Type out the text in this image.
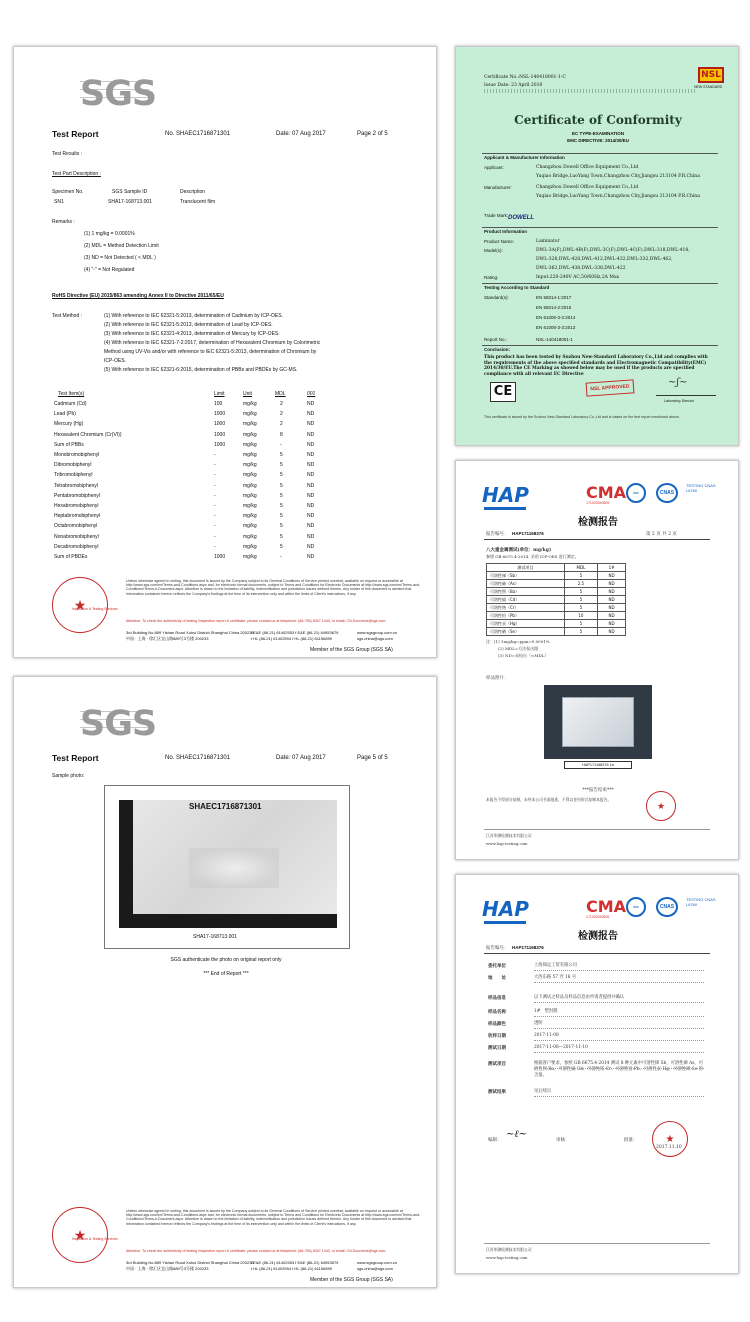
SGS
Test Report	No. SHAEC1716871301	Date: 07 Aug 2017	Page 2 of 5
Test Results :
Test Part Description :
Specimen No.	SGS Sample ID	Description
SN1	SHA17-168713.001	Translucent film
Remarks :
(1) 1 mg/kg = 0.0001%
(2) MDL = Method Detection Limit
(3) ND = Not Detected ( < MDL )
(4) "-" = Not Regulated
RoHS Directive (EU) 2015/863 amending Annex II to Directive 2011/65/EU
Test Method :	(1) With reference to IEC 62321-5:2013, determination of Cadmium by ICP-OES.
(2) With reference to IEC 62321-5:2013, determination of Lead by ICP-OES.
(3) With reference to IEC 62321-4:2013, determination of Mercury by ICP-OES.
(4) With reference to IEC 62321-7-2:2017, determination of Hexavalent Chromium by Colorimetric
Method using UV-Vis and/or with reference to IEC 62321-5:2013, determination of Chromium by
ICP-OES.
(5) With reference to IEC 62321-6:2015, determination of PBBs and PBDEs by GC-MS.
Test Item(s)	Limit	Unit	MDL	001
Cadmium (Cd)	100	mg/kg	2	ND
Lead (Pb)	1000	mg/kg	2	ND
Mercury (Hg)	1000	mg/kg	2	ND
Hexavalent Chromium (Cr(VI))	1000	mg/kg	8	ND
Sum of PBBs	1000	mg/kg	-	ND
Monobromobiphenyl	-	mg/kg	5	ND
Dibromobiphenyl	-	mg/kg	5	ND
Tribromobiphenyl	-	mg/kg	5	ND
Tetrabromobiphenyl	-	mg/kg	5	ND
Pentabromobiphenyl	-	mg/kg	5	ND
Hexabromobiphenyl	-	mg/kg	5	ND
Heptabromobiphenyl	-	mg/kg	5	ND
Octabromobiphenyl	-	mg/kg	5	ND
Nonabromobiphenyl	-	mg/kg	5	ND
Decabromobiphenyl	-	mg/kg	5	ND
Sum of PBDEs	1000	mg/kg	-	ND
★
Inspection & Testing Services
Unless otherwise agreed in writing, this document is issued by the Company subject to its General Conditions of Service printed overleaf, available on request or accessible at http://www.sgs.com/en/Terms-and-Conditions.aspx and, for electronic format documents, subject to Terms and Conditions for Electronic Documents at http://www.sgs.com/en/Terms-and-Conditions/Terms-e-Document.aspx. Attention is drawn to the limitation of liability, indemnification and jurisdiction issues defined therein. Any holder of this document is advised that information contained hereon reflects the Company's findings at the time of its intervention only and within the limits of Client's instructions, if any.
Attention: To check the authenticity of testing /inspection report & certificate, please contact us at telephone: (86-755) 8307 1443, or email: CN.Doccheck@sgs.com
3rd Building,No.889 Yishan Road Xuhui District,Shanghai China 200233
中国 · 上海 · 徐汇区宜山路889号3号楼 200233
t E&E (86-21) 61402553 f E&E (86-21) 64953679
t HL (86-21) 61402594 f HL (86-21) 61156899
www.sgsgroup.com.cn
sgs.china@sgs.com
Member of the SGS Group (SGS SA)
Certificate No.:NSL-140418001-1-C
Issue Date: 23 April 2018
NSL
NEW STANDARD
Certificate of Conformity
EC TYPE-EXAMINATION
EMC DIRECTIVE: 2014/30/EU
Applicant & Manufacturer Information
Applicant:	Changzhou Dowell Office Equipment Co.,Ltd
Yuqiao Bridge,LuoYang Town,Changzhou City,Jiangsu 213104 P.R.China
Manufacturer:	Changzhou Dowell Office Equipment Co.,Ltd
Yuqiao Bridge,LuoYang Town,Changzhou City,Jiangsu 213104 P.R.China
Trade Mark: DOWELL
Product Information
Product Name:	Laminator
Model(s):	DWL-3A(F),DWL-4B(F),DWL-3C(F),DWL-4C(F),DWL-318,DWL-418,
DWL-328,DWL-428,DWL-412,DWL-432,DWL-332,DWL-462,
DWL-362,DWL-438,DWL-338,DWL-422
Rating:	Input:220-240V AC,50/60Hz,2A Max
Testing According to Standard
Standard(s):	EN 55014-1:2017
EN 55014-2:2015
EN 61000-3-2:2014
EN 61000-3-3:2013
Report No.:	NSL-140418001-1
Conclusion:
This product has been tested by Suzhou New-Standard Laboratory Co.,Ltd and complies with the requirements of the above specified standards and Electromagnetic Compatibility(EMC) 2014/30/EU.The CE Marking as showed below may be used if the products are specified compliance with all relevant EC Directive
CE	NSL APPROVED	~ʃ~
Laboratory Director
This certificate is issued by the Suzhou New-Standard Laboratory Co.,Ltd and is based on the test report mentioned above.
SGS
Test Report	No. SHAEC1716871301	Date: 07 Aug 2017	Page 5 of 5
Sample photo:
SHAEC1716871301
SHA17-168713.001
SGS authenticate the photo on original report only
*** End of Report ***
★
Inspection & Testing Services
Unless otherwise agreed in writing, this document is issued by the Company subject to its General Conditions of Service printed overleaf, available on request or accessible at http://www.sgs.com/en/Terms-and-Conditions.aspx and, for electronic format documents, subject to Terms and Conditions for Electronic Documents at http://www.sgs.com/en/Terms-and-Conditions/Terms-e-Document.aspx. Attention is drawn to the limitation of liability, indemnification and jurisdiction issues defined therein. Any holder of this document is advised that information contained hereon reflects the Company's findings at the time of its intervention only and within the limits of Client's instructions, if any.
Attention: To check the authenticity of testing /inspection report & certificate, please contact us at telephone: (86-755) 8307 1443, or email: CN.Doccheck@sgs.com
3rd Building,No.889 Yishan Road Xuhui District,Shanghai China 200233
中国 · 上海 · 徐汇区宜山路889号3号楼 200233
t E&E (86-21) 61402553 f E&E (86-21) 64953679
t HL (86-21) 61402594 f HL (86-21) 61156899
www.sgsgroup.com.cn
sgs.china@sgs.com
Member of the SGS Group (SGS SA)
HAP	CMA
171020340509
ilac	CNAS
TESTING CNAS L6760
检测报告
报告编号： HAP171168376	第 2 页 共 2 页
八大重金属测试(单位：mg/kg)
参照 GB 6675.4-2014, 采用 ICP-OES 进行测定。
测试项目	MDL	1#
可溶性锑（Sb）	5	ND
可溶性砷（As）	2.5	ND
可溶性钡（Ba）	5	ND
可溶性镉（Cd）	5	ND
可溶性铬（Cr）	5	ND
可溶性铅（Pb）	10	ND
可溶性汞（Hg）	5	ND
可溶性硒（Se）	5	ND
注：(1) 1mg/kg=ppm=0.0001%
(2) MDL=方法检出限
(3) ND=未检出（<MDL）
样品照片：
HAP171168376 1#
***报告结束***
本报告不得部分复制，未经本公司书面批准，不得以任何形式复制本报告。
★
江苏华测检测技术有限公司
www.hap-testing.com
HAP	CMA
171020340509
ilac	CNAS
TESTING CNAS L6760
检测报告
报告编号： HAP171168376
委托单位	上海保远工贸有限公司
地　　址	大西东路 57 弄 16 号
样品信息	以下测试之样品及样品信息由申请者提供并确认
样品名称	1#　塑封膜
样品颜色	透明
收样日期	2017-11-08
测试日期	2017-11-08—2017-11-10
测试项目	根据客户要求，参照 GB 6675.4-2014 测试 8 种元素中可溶性锑 Sb、可溶性砷 As、可溶性钡 Ba、可溶性镉 Cd、可溶性铬 Cr、可溶性铅 Pb、可溶性汞 Hg、可溶性硒 Se 的含量。
测试结果	见后续页
编制：	审核：	批准：
~ℓ~	★
2017.11.10
江苏华测检测技术有限公司
www.hap-testing.com
